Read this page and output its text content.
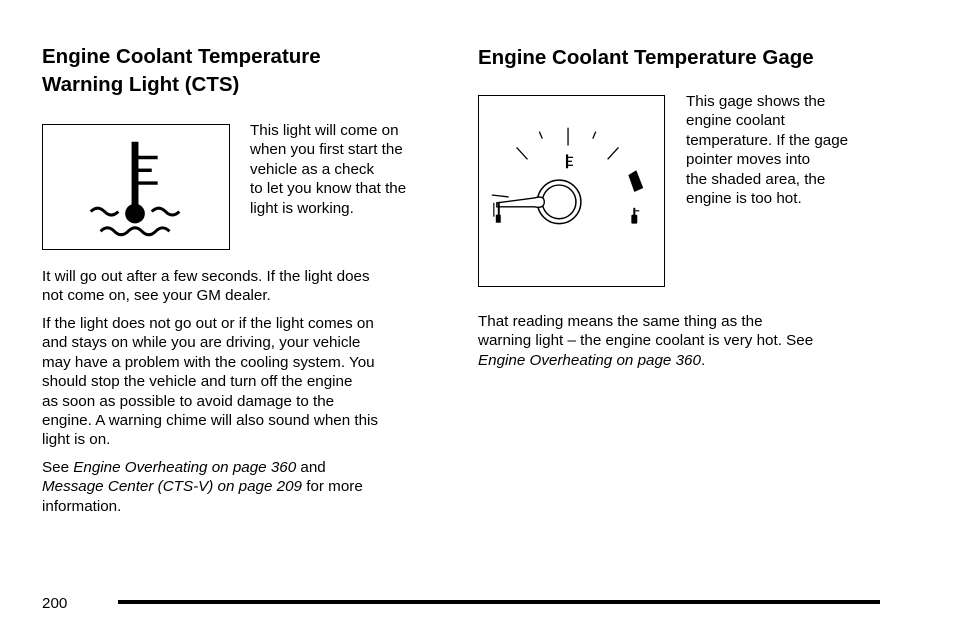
Engine Coolant Temperature
Warning Light (CTS)

This light will come on
when you first start the
vehicle as a check
to let you know that the
light is working.

It will go out after a few seconds. If the light does
not come on, see your GM dealer.

If the light does not go out or if the light comes on
and stays on while you are driving, your vehicle
may have a problem with the cooling system. You
should stop the vehicle and turn off the engine
as soon as possible to avoid damage to the
engine. A warning chime will also sound when this
light is on.

See Engine Overheating on page 360 and
Message Center (CTS-V) on page 209 for more
information.

Engine Coolant Temperature Gage

This gage shows the
engine coolant
temperature. If the gage
pointer moves into
the shaded area, the
engine is too hot.

That reading means the same thing as the
warning light – the engine coolant is very hot. See
Engine Overheating on page 360.

200
